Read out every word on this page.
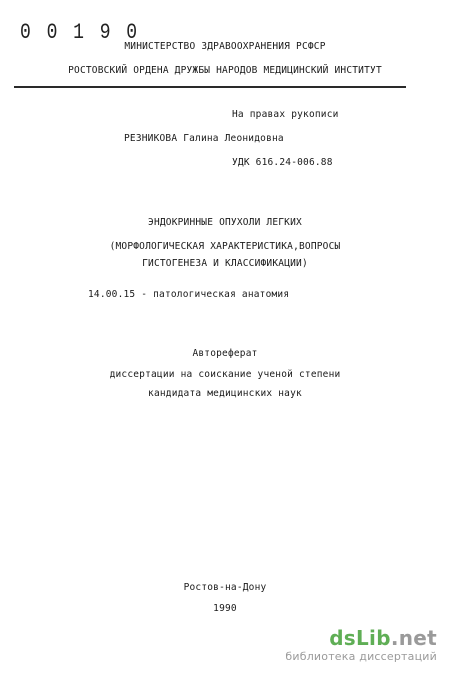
0 0 1 9 0
МИНИСТЕРСТВО ЗДРАВООХРАНЕНИЯ РСФСР
РОСТОВСКИЙ ОРДЕНА ДРУЖБЫ НАРОДОВ МЕДИЦИНСКИЙ ИНСТИТУТ
На правах рукописи
РЕЗНИКОВА Галина Леонидовна
УДК 616.24-006.88
ЭНДОКРИННЫЕ ОПУХОЛИ ЛЕГКИХ
(МОРФОЛОГИЧЕСКАЯ ХАРАКТЕРИСТИКА,ВОПРОСЫ
ГИСТОГЕНЕЗА И КЛАССИФИКАЦИИ)
14.00.15 - патологическая анатомия
Автореферат
диссертации на соискание ученой степени
кандидата медицинских наук
Ростов-на-Дону
1990
dsLib.net
библиотека диссертаций
